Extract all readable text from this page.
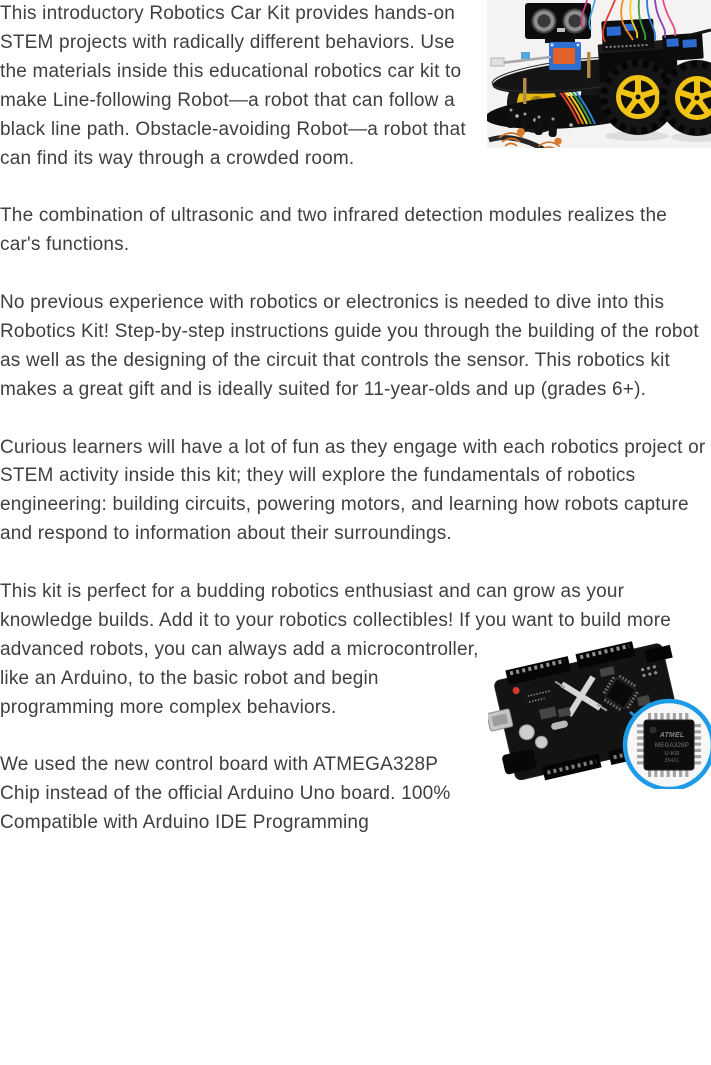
This introductory Robotics Car Kit provides hands-on STEM projects with radically different behaviors. Use the materials inside this educational robotics car kit to make Line-following Robot—a robot that can follow a black line path. Obstacle-avoiding Robot—a robot that can find its way through a crowded room.

The combination of ultrasonic and two infrared detection modules realizes the car's functions.

No previous experience with robotics or electronics is needed to dive into this Robotics Kit! Step-by-step instructions guide you through the building of the robot as well as the designing of the circuit that controls the sensor. This robotics kit makes a great gift and is ideally suited for 11-year-olds and up (grades 6+).

Curious learners will have a lot of fun as they engage with each robotics project or STEM activity inside this kit; they will explore the fundamentals of robotics engineering: building circuits, powering motors, and learning how robots capture and respond to information about their surroundings.

ATMEL
MEGA328P
U-KR
3541L

This kit is perfect for a budding robotics enthusiast and can grow as your knowledge builds. Add it to your robotics collectibles! If you want to build more advanced robots, you can always add a microcontroller, like an Arduino, to the basic robot and begin programming more complex behaviors.

We used the new control board with ATMEGA328P Chip instead of the official Arduino Uno board. 100% Compatible with Arduino IDE Programming
